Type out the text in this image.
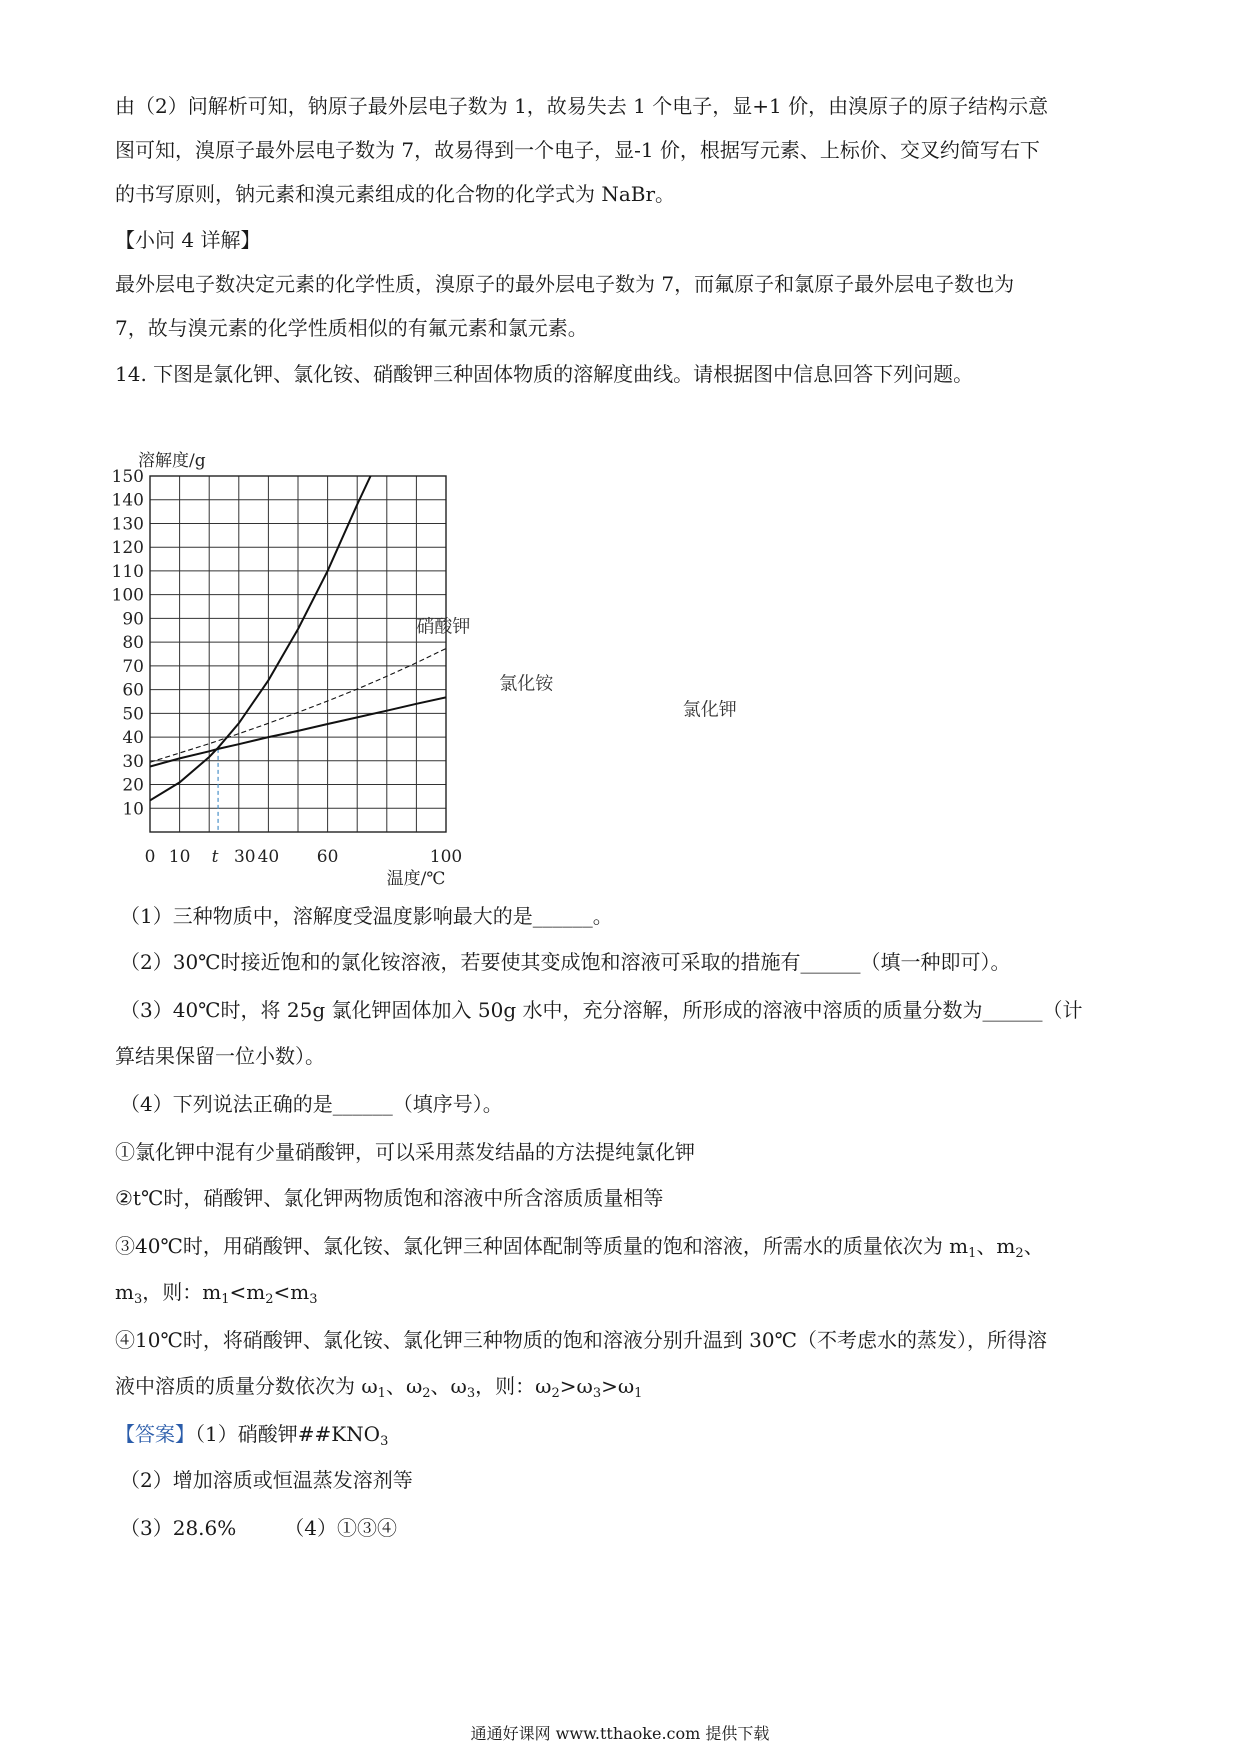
由（2）问解析可知，钠原子最外层电子数为 1，故易失去 1 个电子，显+1 价，由溴原子的原子结构示意
图可知，溴原子最外层电子数为 7，故易得到一个电子，显-1 价，根据写元素、上标价、交叉约简写右下
的书写原则，钠元素和溴元素组成的化合物的化学式为 NaBr。
【小问 4 详解】
最外层电子数决定元素的化学性质，溴原子的最外层电子数为 7，而氟原子和氯原子最外层电子数也为
7，故与溴元素的化学性质相似的有氟元素和氯元素。
14. 下图是氯化钾、氯化铵、硝酸钾三种固体物质的溶解度曲线。请根据图中信息回答下列问题。
10
20
30
40
50
60
70
80
90
100
110
120
130
140
150
0 10 t 30 40 60	100
溶解度/g
温度/℃
硝酸钾
氯化铵
氯化钾
（1）三种物质中，溶解度受温度影响最大的是______。
（2）30℃时接近饱和的氯化铵溶液，若要使其变成饱和溶液可采取的措施有______（填一种即可）。
（3）40℃时，将 25g 氯化钾固体加入 50g 水中，充分溶解，所形成的溶液中溶质的质量分数为______（计
算结果保留一位小数）。
（4）下列说法正确的是______（填序号）。
①氯化钾中混有少量硝酸钾，可以采用蒸发结晶的方法提纯氯化钾
②t℃时，硝酸钾、氯化钾两物质饱和溶液中所含溶质质量相等
③40℃时，用硝酸钾、氯化铵、氯化钾三种固体配制等质量的饱和溶液，所需水的质量依次为 $m_1$、$m_2$、
$m_3$，则：$m_1<m_2<m_3$
④10℃时，将硝酸钾、氯化铵、氯化钾三种物质的饱和溶液分别升温到 30℃（不考虑水的蒸发），所得溶
液中溶质的质量分数依次为 $\omega_1$、$\omega_2$、$\omega_3$，则：$\omega_2>\omega_3>\omega_1$
【答案】（1）硝酸钾$\#\#KNO_3$
（2）增加溶质或恒温蒸发溶剂等
（3）28.6% （4）①③④
通通好课网 www.tthaoke.com 提供下载
